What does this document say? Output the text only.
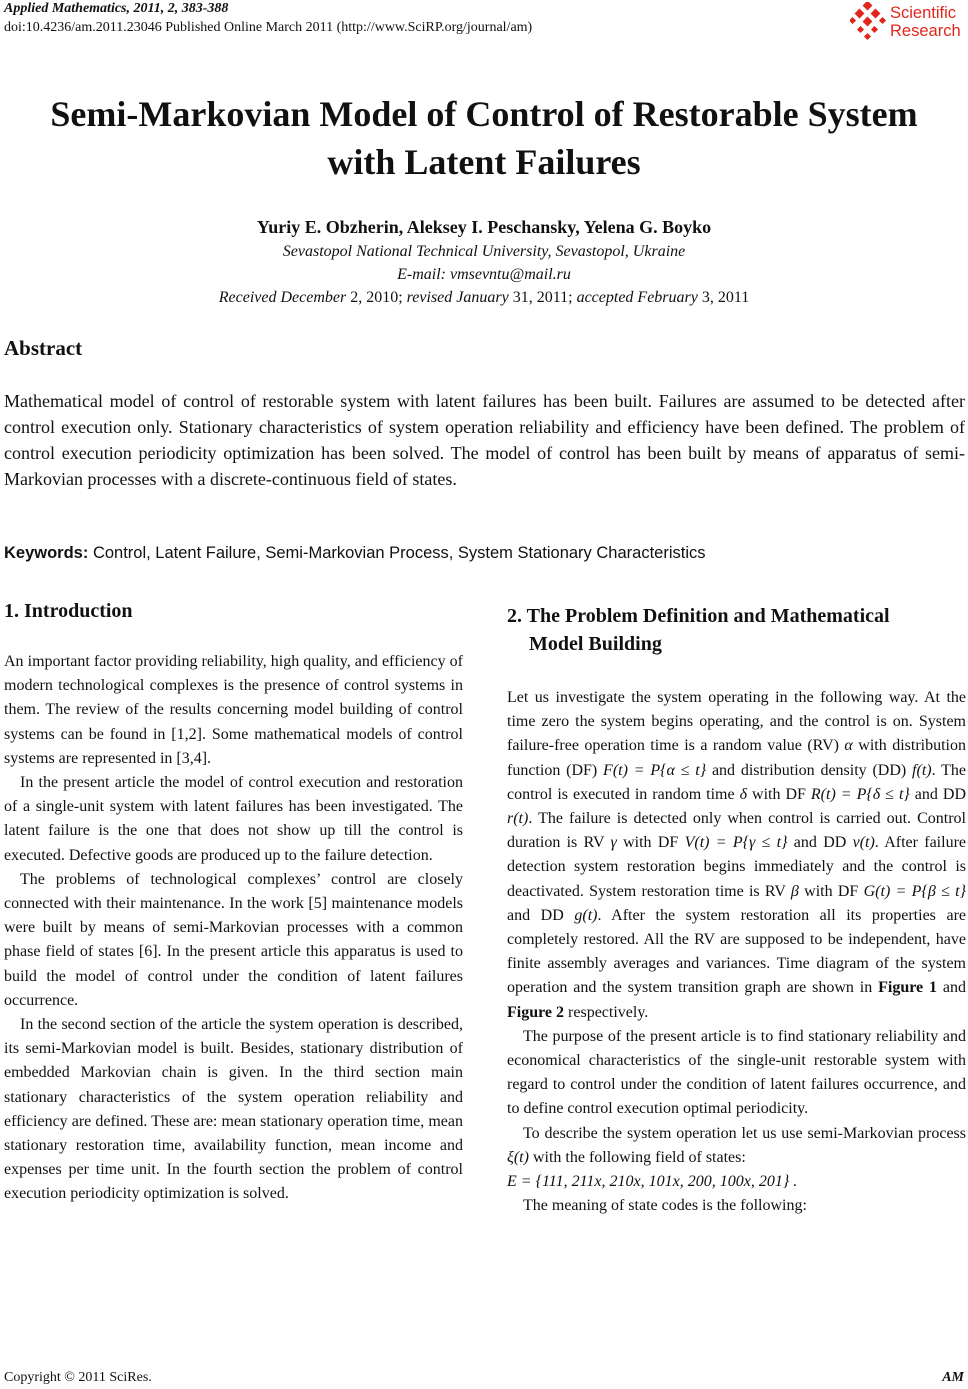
Applied Mathematics, 2011, 2, 383-388
doi:10.4236/am.2011.23046 Published Online March 2011 (http://www.SciRP.org/journal/am)
Scientific
Research
Semi-Markovian Model of Control of Restorable System
with Latent Failures
Yuriy E. Obzherin, Aleksey I. Peschansky, Yelena G. Boyko
Sevastopol National Technical University, Sevastopol, Ukraine
E-mail: vmsevntu@mail.ru
Received December 2, 2010; revised January 31, 2011; accepted February 3, 2011
Abstract

Mathematical model of control of restorable system with latent failures has been built. Failures are assumed to be detected after control execution only. Stationary characteristics of system operation reliability and efficiency have been defined. The problem of control execution periodicity optimization has been solved. The model of control has been built by means of apparatus of semi-Markovian processes with a discrete-continuous field of states.

Keywords: Control, Latent Failure, Semi-Markovian Process, System Stationary Characteristics
1. Introduction

An important factor providing reliability, high quality, and efficiency of modern technological complexes is the presence of control systems in them. The review of the results concerning model building of control systems can be found in [1,2]. Some mathematical models of control systems are represented in [3,4].

In the present article the model of control execution and restoration of a single-unit system with latent failures has been investigated. The latent failure is the one that does not show up till the control is executed. Defective goods are produced up to the failure detection.

The problems of technological complexes’ control are closely connected with their maintenance. In the work [5] maintenance models were built by means of semi-Markovian processes with a common phase field of states [6]. In the present article this apparatus is used to build the model of control under the condition of latent failures occurrence.

In the second section of the article the system operation is described, its semi-Markovian model is built. Besides, stationary distribution of embedded Markovian chain is given. In the third section main stationary characteristics of the system operation reliability and efficiency are defined. These are: mean stationary operation time, mean stationary restoration time, availability function, mean income and expenses per time unit. In the fourth section the problem of control execution periodicity optimization is solved.

2. The Problem Definition and Mathematical
Model Building

Let us investigate the system operating in the following way. At the time zero the system begins operating, and the control is on. System failure-free operation time is a random value (RV) α with distribution function (DF) F(t) = P{α ≤ t} and distribution density (DD) f(t). The control is executed in random time δ with DF R(t) = P{δ ≤ t} and DD r(t). The failure is detected only when control is carried out. Control duration is RV γ with DF V(t) = P{γ ≤ t} and DD v(t). After failure detection system restoration begins immediately and the control is deactivated. System restoration time is RV β with DF G(t) = P{β ≤ t} and DD g(t). After the system restoration all its properties are completely restored. All the RV are supposed to be independent, have finite assembly averages and variances. Time diagram of the system operation and the system transition graph are shown in Figure 1 and Figure 2 respectively.

The purpose of the present article is to find stationary reliability and economical characteristics of the single-unit restorable system with regard to control under the condition of latent failures occurrence, and to define control execution optimal periodicity.

To describe the system operation let us use semi-Markovian process ξ(t) with the following field of states:

E = {111, 211x, 210x, 101x, 200, 100x, 201} .

The meaning of state codes is the following:

Copyright © 2011 SciRes.	AM
